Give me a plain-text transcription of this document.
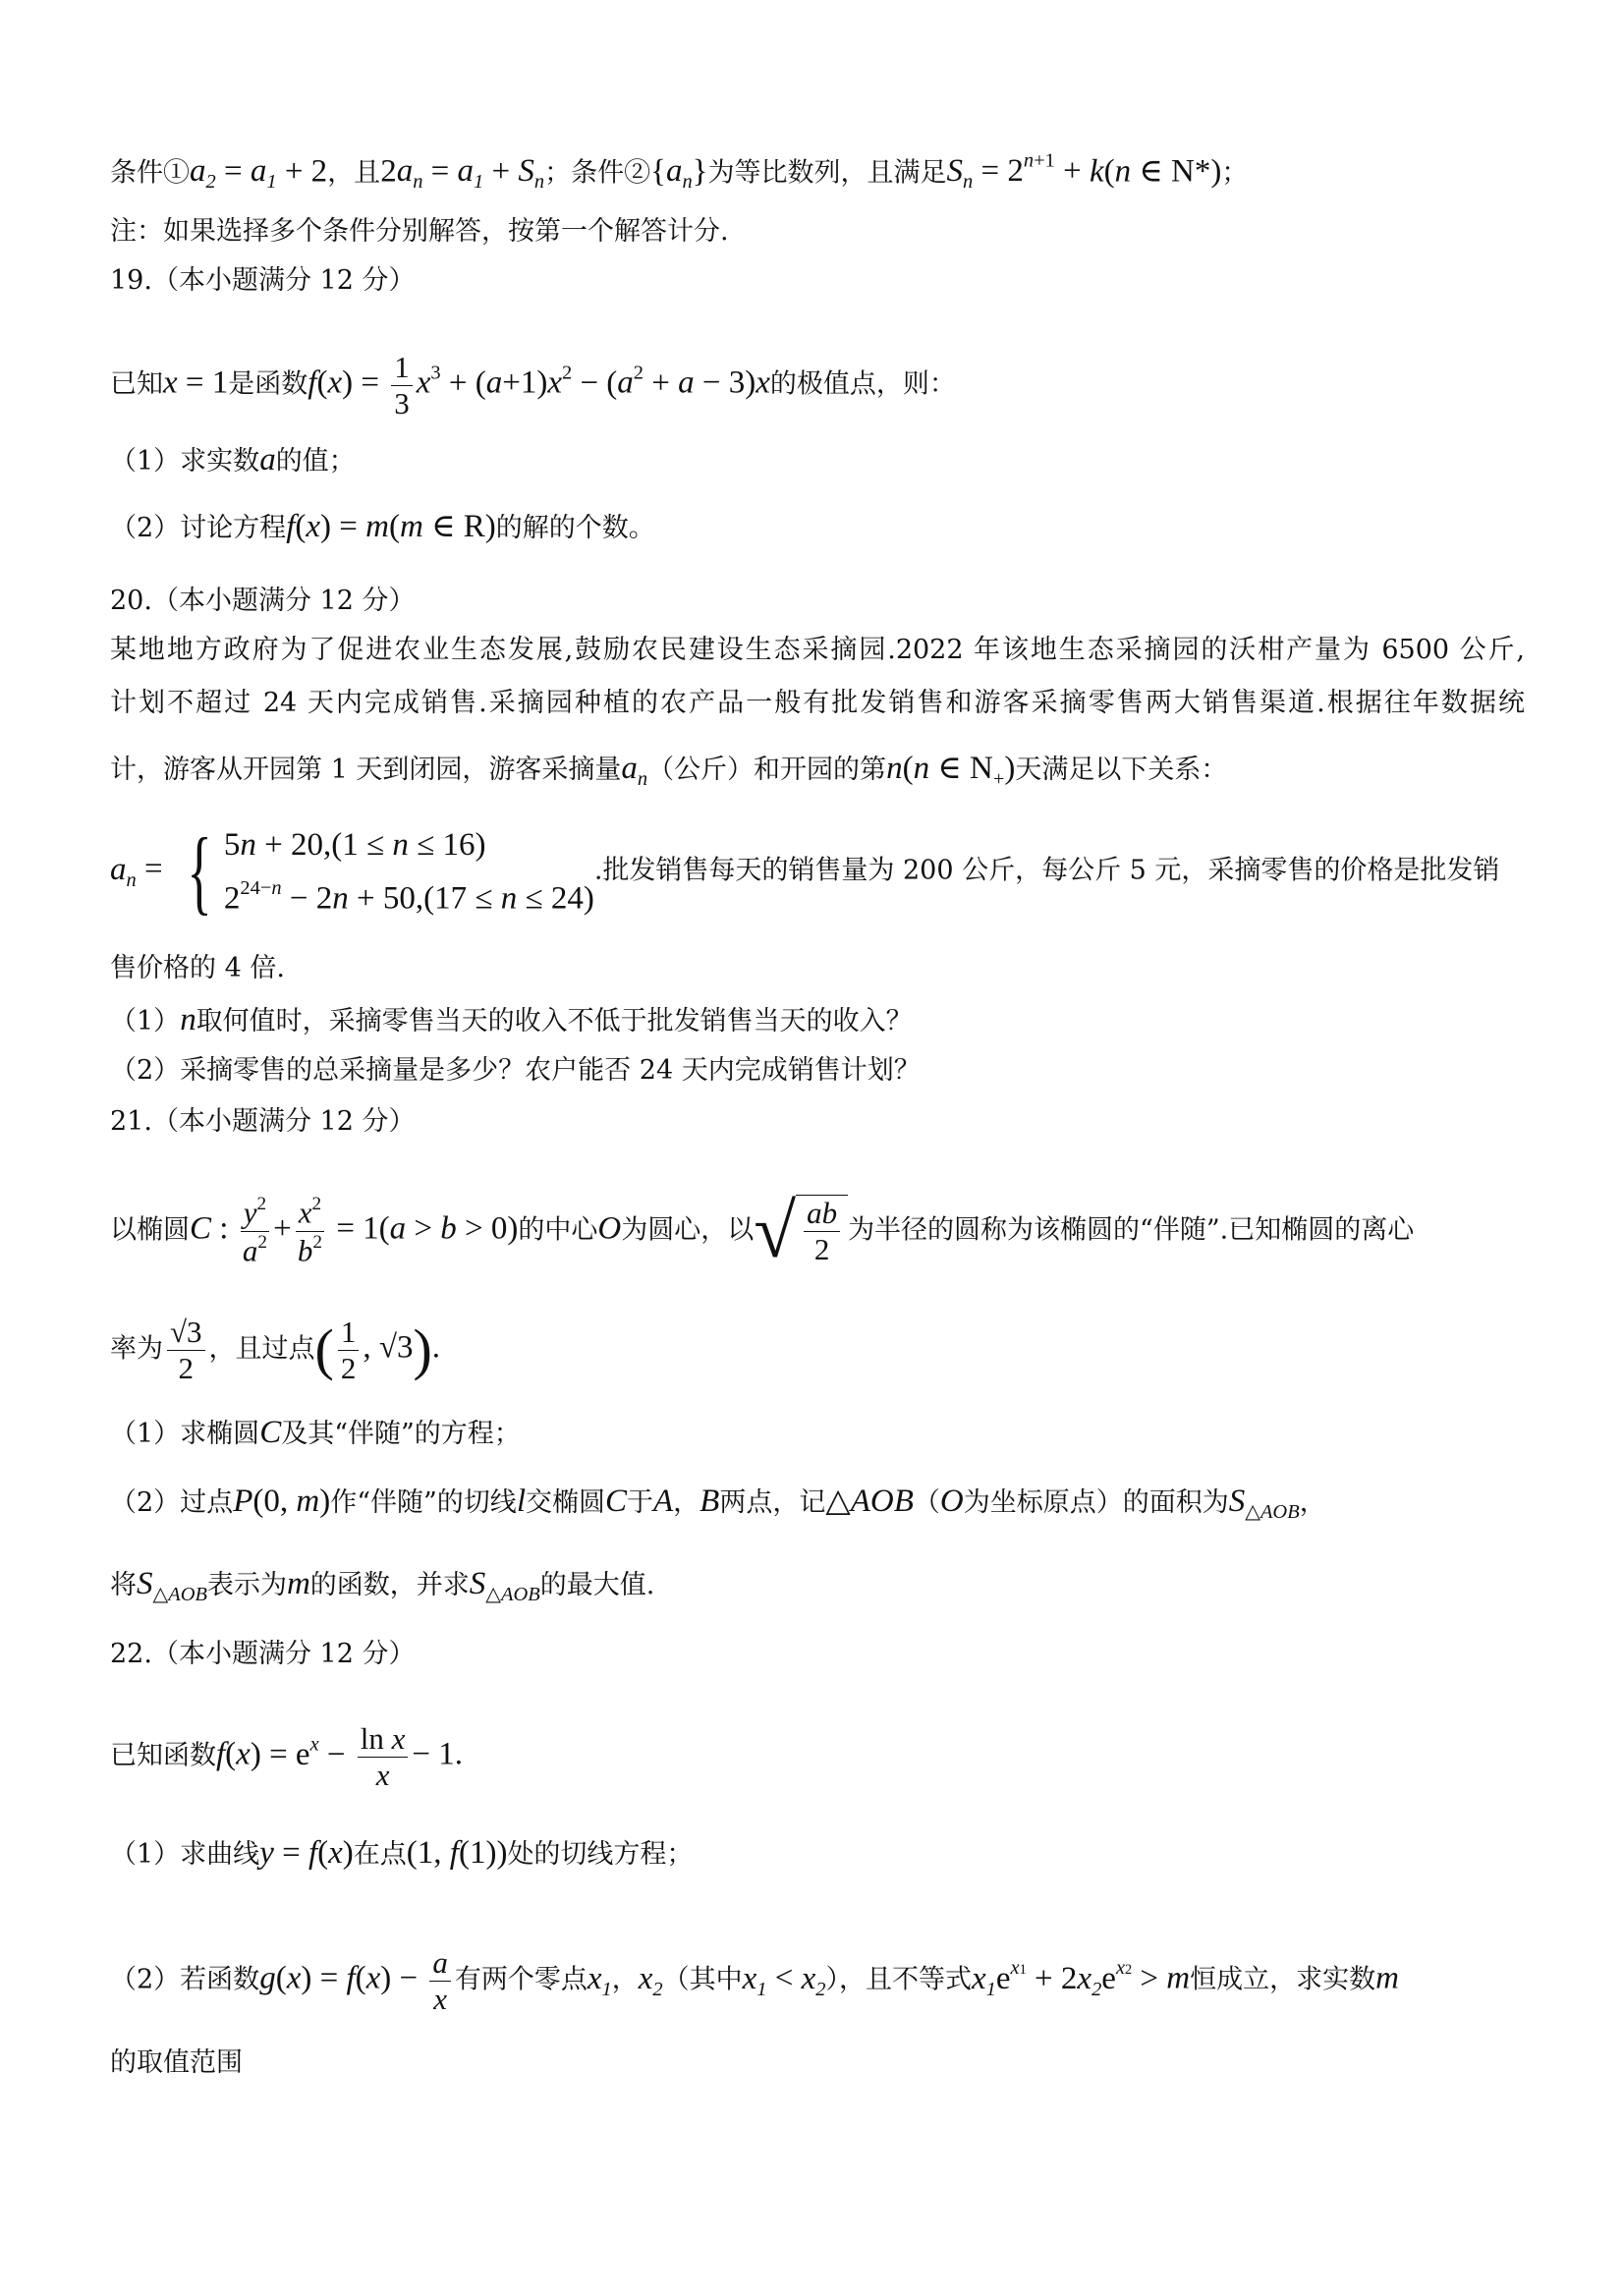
条件$①a_2 = a_1 + 2$，且$2a_n = a_1 + S_n$；条件$②\{a_n\}$为等比数列，且满足$S_n = 2^{n+1} + k(n$ ∈ N*)；
注：如果选择多个条件分别解答，按第一个解答计分.
19.（本小题满分 12 分）
已知x = 1是函数$f(x) = \frac{1}{3} x^3 + (a+1)x^2 - (a^2 + a - 3)x$的极值点，则：
（1）求实数a的值；
（2）讨论方程f(x) = m(m ∈ R)的解的个数。
20.（本小题满分 12 分）
某地地方政府为了促进农业生态发展,鼓励农民建设生态采摘园.2022 年该地生态采摘园的沃柑产量为 6500 公斤,
计划不超过 24 天内完成销售.采摘园种植的农产品一般有批发销售和游客采摘零售两大销售渠道.根据往年数据统
计，游客从开园第 1 天到闭园，游客采摘量$a_n$（公斤）和开园的第n(n ∈ $N_+$)天满足以下关系：
$a_n$ = { 5n + 20,(1 ≤ n ≤ 16)
$2^{24-n} - 2n + 50,(17 \le n \le 24)$
.批发销售每天的销售量为 200 公斤，每公斤 5 元，采摘零售的价格是批发销
售价格的 4 倍.
（1）n取何值时，采摘零售当天的收入不低于批发销售当天的收入？
（2）采摘零售的总采摘量是多少？农户能否 24 天内完成销售计划？
21.（本小题满分 12 分）
以椭圆C : $\frac{y^2}{a^2} + \frac{x^2}{b^2} = 1(a > b > 0)$的中心O为圆心，以√ $\frac{ab}{2}$ 为半径的圆称为该椭圆的“伴随”.已知椭圆的离心
率为 $\frac{√3}{2}$ ，且过点( $\frac{1}{2}$ , √3).
（1）求椭圆C及其“伴随”的方程；
（2）过点P(0, m)作“伴随”的切线l交椭圆C于A，B两点，记△AOB（O为坐标原点）的面积为$S_{\triangle AOB}$，
将$S_{\triangle AOB}$表示为m的函数，并求$S_{\triangle AOB}$的最大值.
22.（本小题满分 12 分）
已知函数$f(x) = e^x - \frac{\text{ln x}}{x} - 1$.
（1）求曲线y = f(x)在点(1, f(1))处的切线方程；
（2）若函数$g(x) = f(x) - \frac{a}{x}$ 有两个零点$x_1$，$x_2$（其中$x_1 < x_2$），且不等式$x_1e^{x1} + 2x_2e^{x2} > m$恒成立，求实数m
的取值范围
